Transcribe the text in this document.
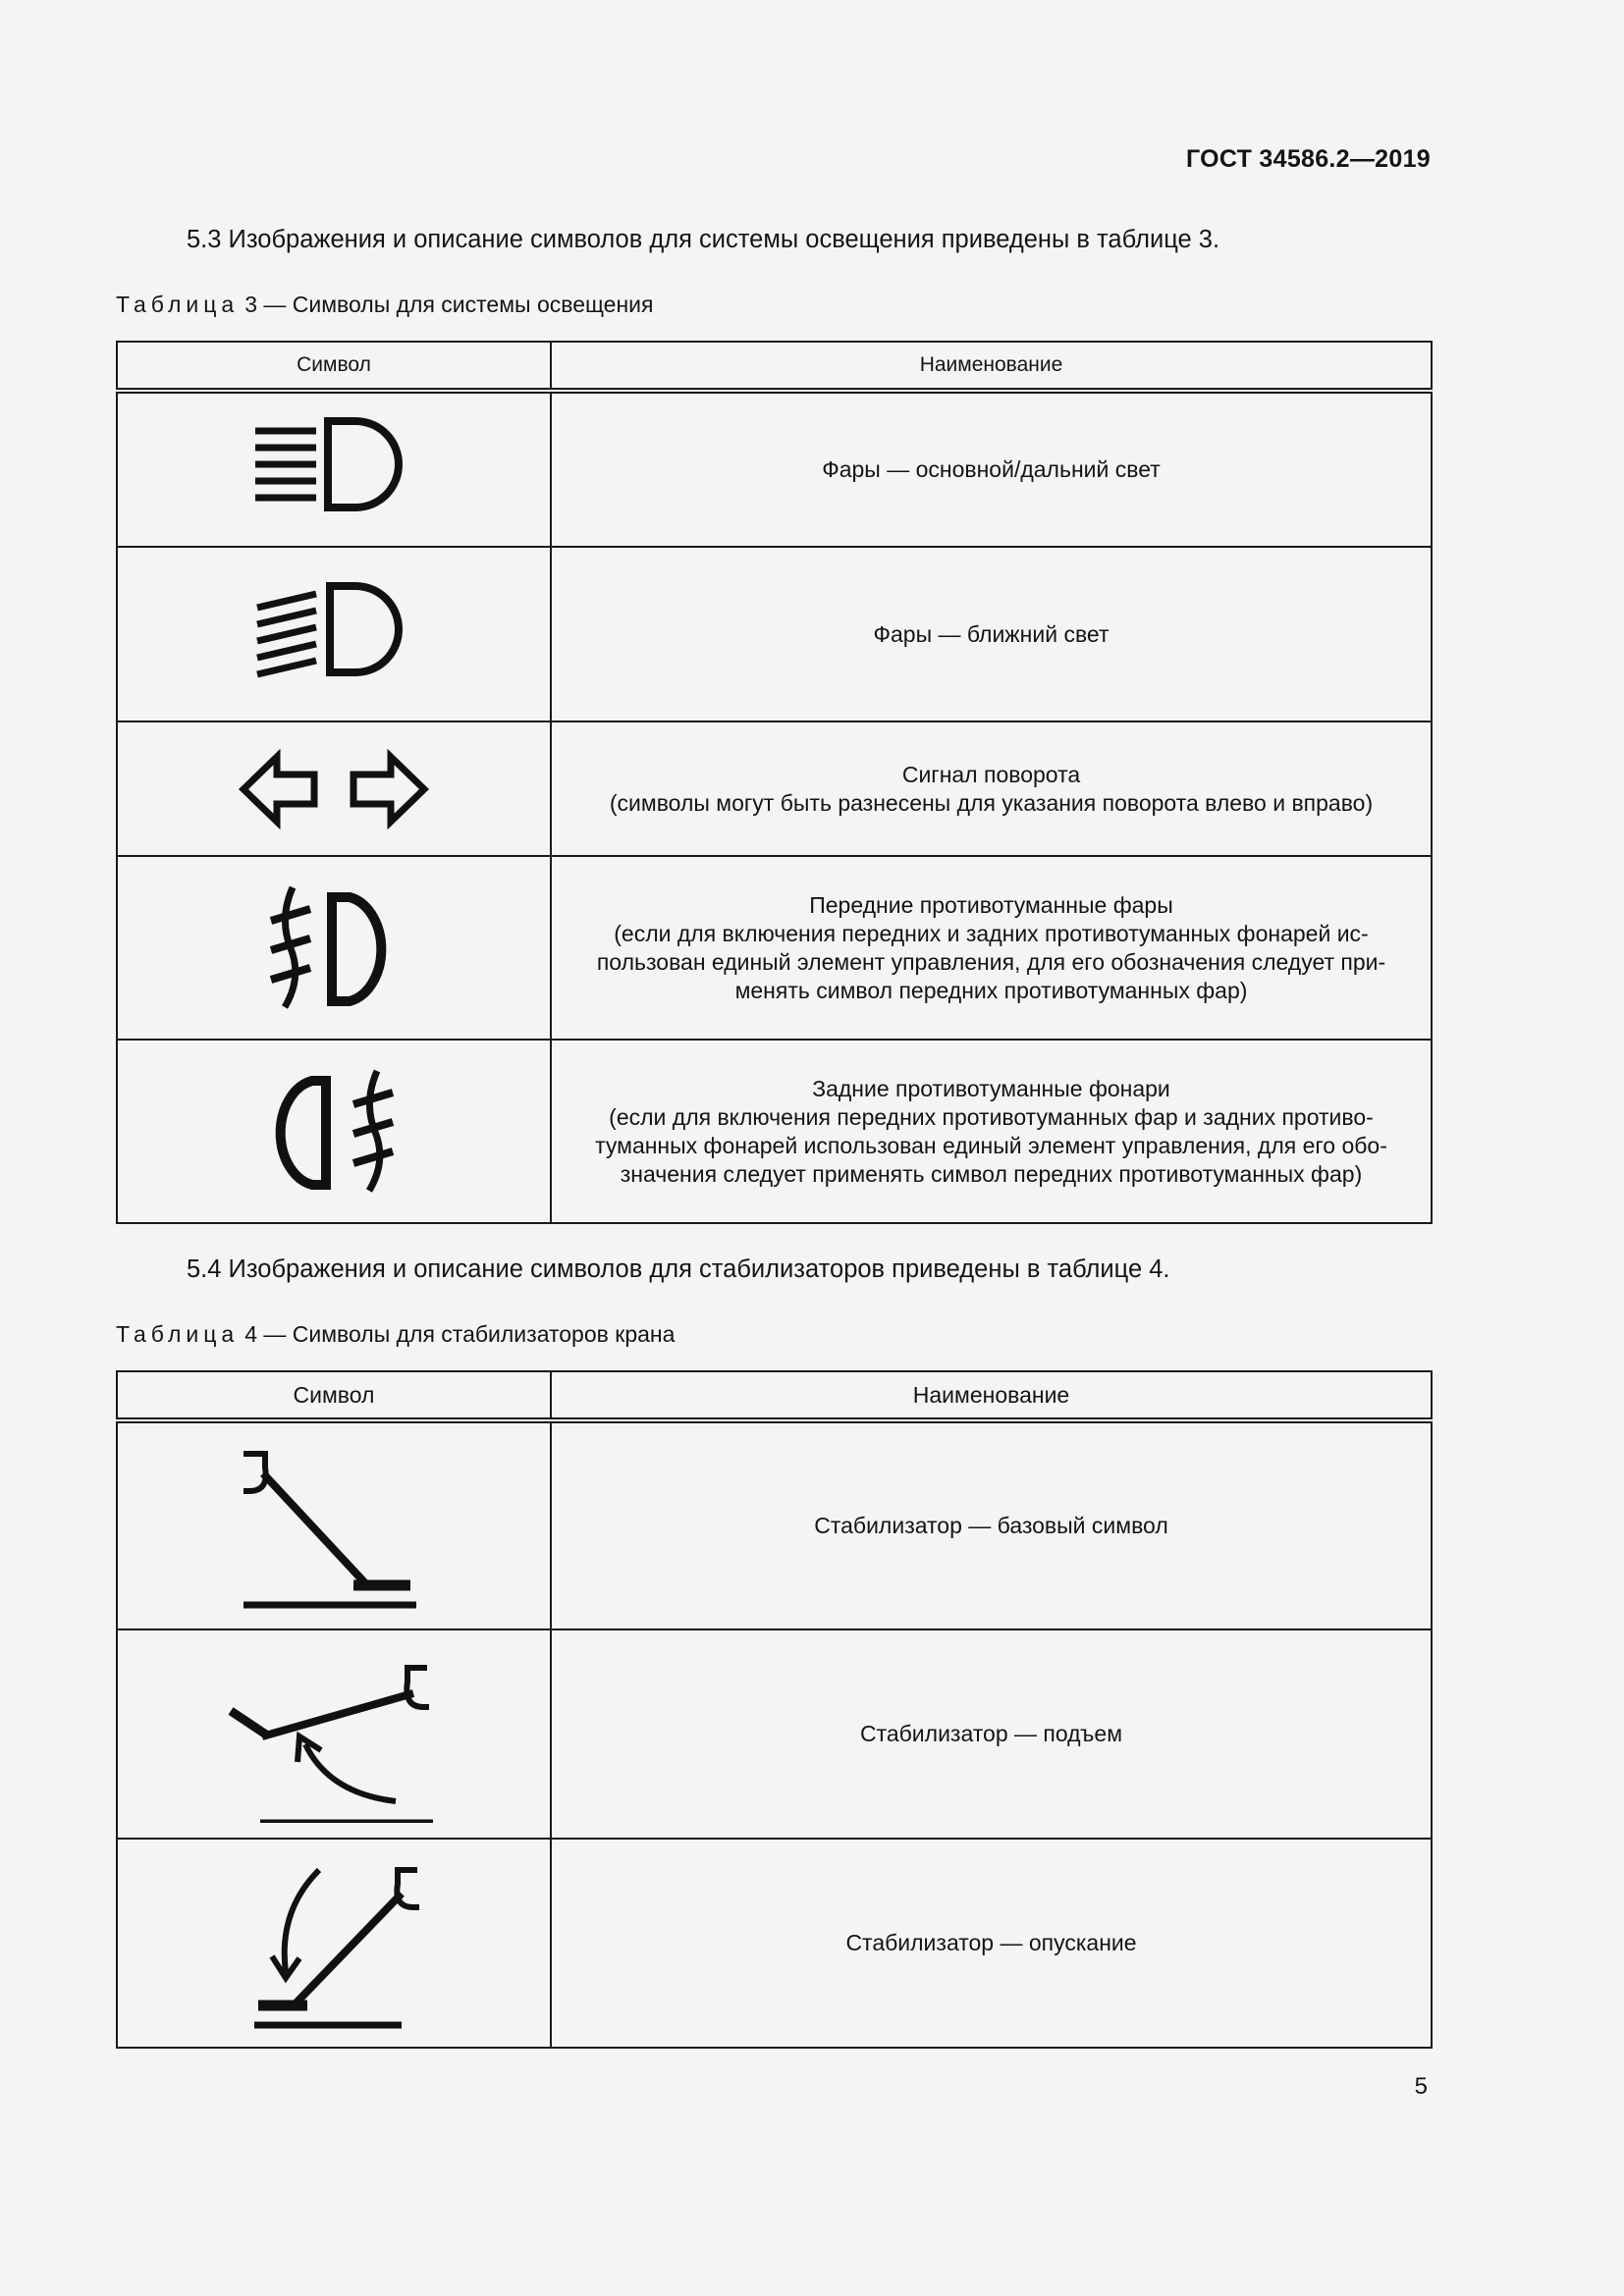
ГОСТ 34586.2—2019
5.3 Изображения и описание символов для системы освещения приведены в таблице 3.
Таблица 3 — Символы для системы освещения
Символ	Наименование

Фары — основной/дальний свет

Фары — ближний свет

Сигнал поворота
(символы могут быть разнесены для указания поворота влево и вправо)

Передние противотуманные фары
(если для включения передних и задних противотуманных фонарей ис-
пользован единый элемент управления, для его обозначения следует при-
менять символ передних противотуманных фар)

Задние противотуманные фонари
(если для включения передних противотуманных фар и задних противо-
туманных фонарей использован единый элемент управления, для его обо-
значения следует применять символ передних противотуманных фар)
5.4 Изображения и описание символов для стабилизаторов приведены в таблице 4.
Таблица 4 — Символы для стабилизаторов крана
Символ	Наименование

Стабилизатор — базовый символ

Стабилизатор — подъем

Стабилизатор — опускание
5
